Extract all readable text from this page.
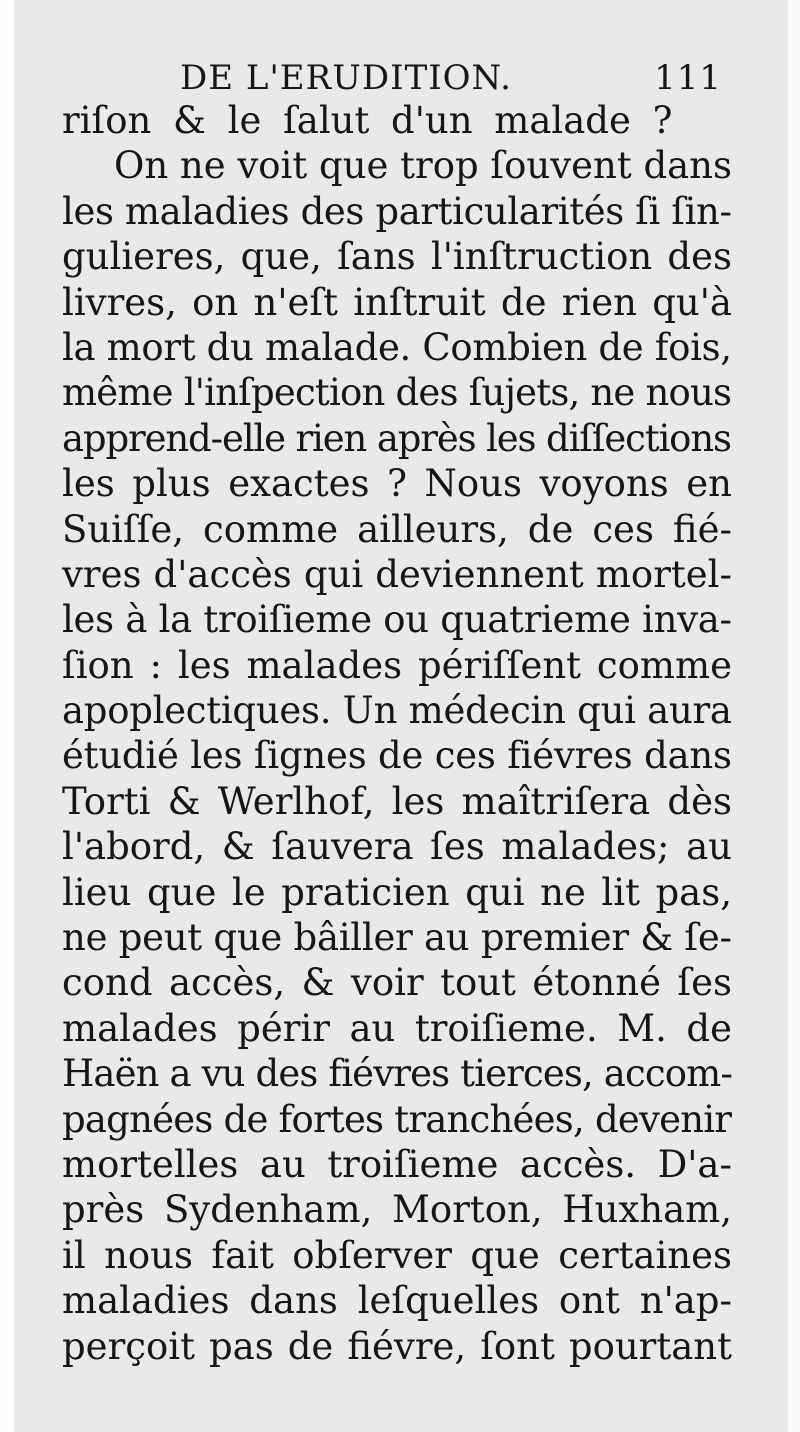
DE L'ERUDITION.	111
riſon & le ſalut d'un malade ?
On ne voit que trop ſouvent dans
les maladies des particularités ſi ſin-
gulieres, que, ſans l'inſtruction des
livres, on n'eſt inſtruit de rien qu'à
la mort du malade. Combien de fois,
même l'inſpection des ſujets, ne nous
apprend-elle rien après les diſſections
les plus exactes ? Nous voyons en
Suiſſe, comme ailleurs, de ces fié-
vres d'accès qui deviennent mortel-
les à la troiſieme ou quatrieme inva-
ſion : les malades périſſent comme
apoplectiques. Un médecin qui aura
étudié les ſignes de ces fiévres dans
Torti & Werlhof, les maîtriſera dès
l'abord, & ſauvera ſes malades; au
lieu que le praticien qui ne lit pas,
ne peut que bâiller au premier & ſe-
cond accès, & voir tout étonné ſes
malades périr au troiſieme. M. de
Haën a vu des fiévres tierces, accom-
pagnées de fortes tranchées, devenir
mortelles au troiſieme accès. D'a-
près Sydenham, Morton, Huxham,
il nous fait obſerver que certaines
maladies dans leſquelles ont n'ap-
perçoit pas de fiévre, ſont pourtant
